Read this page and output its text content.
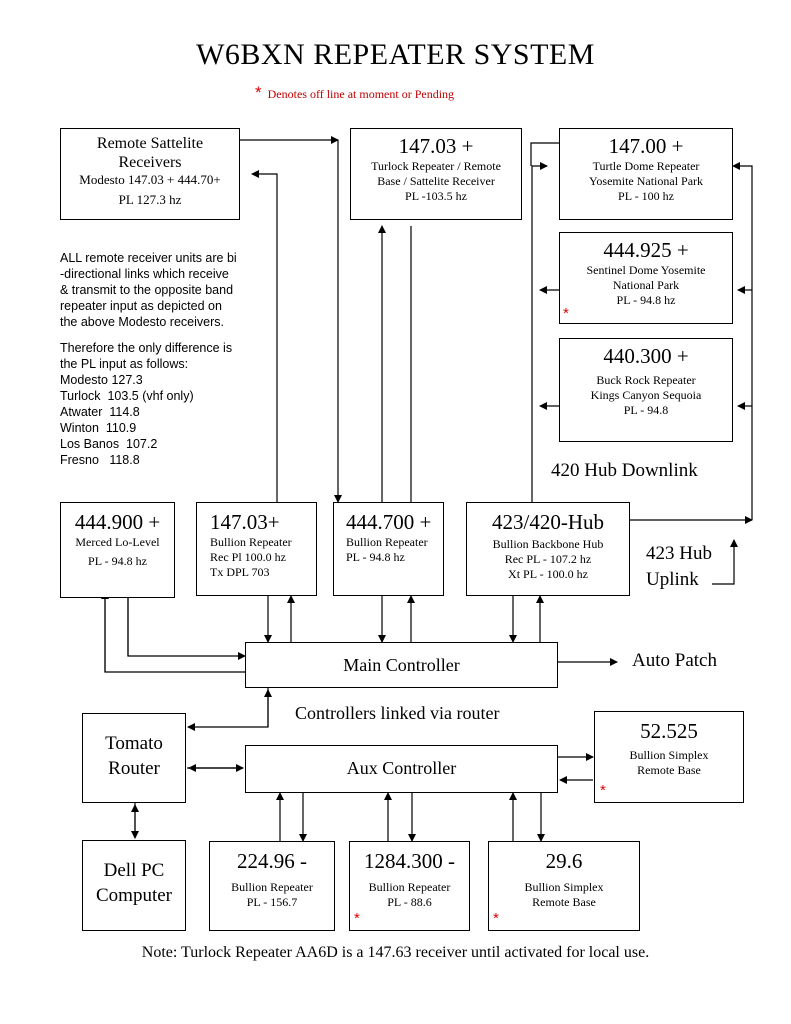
W6BXN REPEATER SYSTEM
* Denotes off line at moment or Pending
Remote Sattelite
Receivers
Modesto 147.03 + 444.70+
PL 127.3 hz
147.03 +
Turlock Repeater / Remote
Base / Sattelite Receiver
PL -103.5 hz
147.00 +
Turtle Dome Repeater
Yosemite National Park
PL - 100 hz
444.925 +
Sentinel Dome Yosemite
National Park
PL - 94.8 hz
*
440.300 +
Buck Rock Repeater
Kings Canyon Sequoia
PL - 94.8

ALL remote receiver units are bi
-directional links which receive
& transmit to the opposite band
repeater input as depicted on
the above Modesto receivers.

Therefore the only difference is
the PL input as follows:

Modesto 127.3
Turlock 103.5 (vhf only)
Atwater 114.8
Winton 110.9
Los Banos 107.2
Fresno 118.8	420 Hub Downlink
423 Hub
Uplink
444.900 +
Merced Lo-Level
PL - 94.8 hz
147.03+
Bullion Repeater
Rec Pl 100.0 hz
Tx DPL 703
444.700 +
Bullion Repeater
PL - 94.8 hz
423/420-Hub
Bullion Backbone Hub
Rec PL - 107.2 hz
Xt PL - 100.0 hz
Main Controller	Auto Patch
Controllers linked via router
Tomato
Router	Aux Controller
52.525
Bullion Simplex
Remote Base
*
Dell PC
Computer
224.96 -
Bullion Repeater
PL - 156.7
1284.300 -
Bullion Repeater
PL - 88.6
*
29.6
Bullion Simplex
Remote Base
*
Note: Turlock Repeater AA6D is a 147.63 receiver until activated for local use.
